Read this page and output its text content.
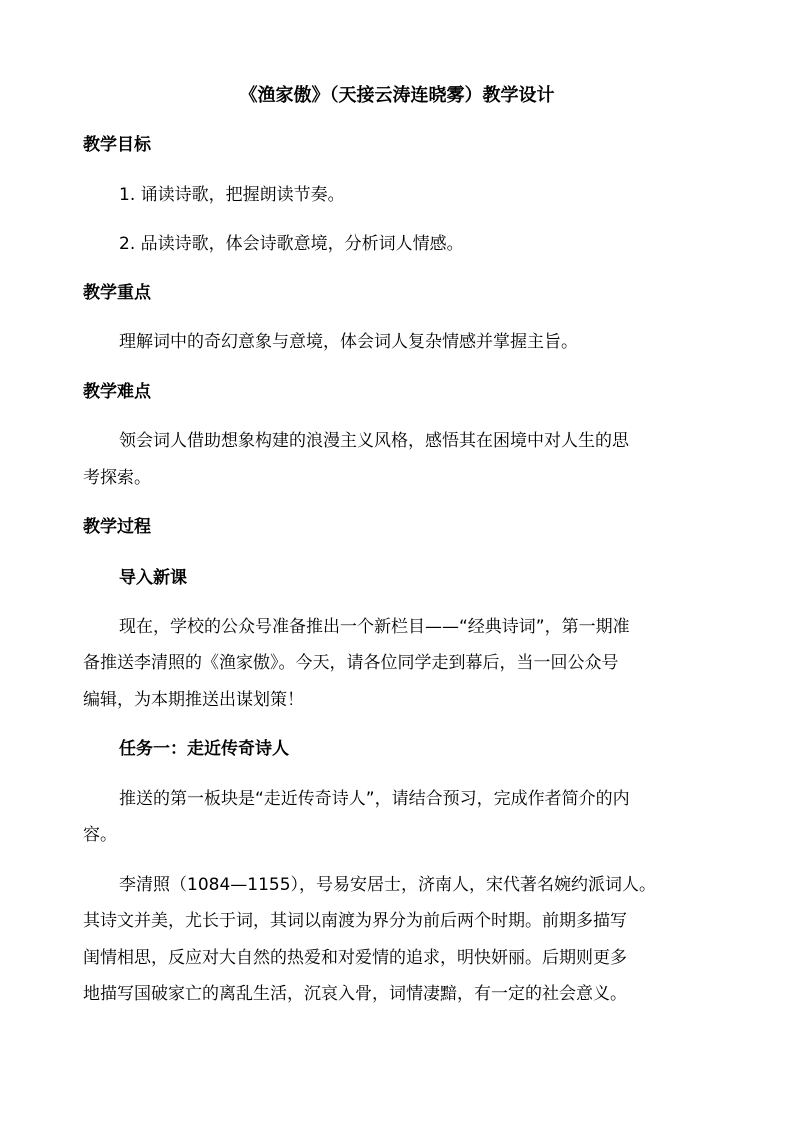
《渔家傲》（天接云涛连晓雾）教学设计
教学目标
1. 诵读诗歌，把握朗读节奏。
2. 品读诗歌，体会诗歌意境，分析词人情感。
教学重点
理解词中的奇幻意象与意境，体会词人复杂情感并掌握主旨。
教学难点
领会词人借助想象构建的浪漫主义风格，感悟其在困境中对人生的思
考探索。
教学过程
导入新课
现在，学校的公众号准备推出一个新栏目——“经典诗词”，第一期准
备推送李清照的《渔家傲》。今天，请各位同学走到幕后，当一回公众号
编辑，为本期推送出谋划策！
任务一：走近传奇诗人
推送的第一板块是“走近传奇诗人”，请结合预习，完成作者简介的内
容。
李清照（1084—1155），号易安居士，济南人，宋代著名婉约派词人。
其诗文并美，尤长于词，其词以南渡为界分为前后两个时期。前期多描写
闺情相思，反应对大自然的热爱和对爱情的追求，明快妍丽。后期则更多
地描写国破家亡的离乱生活，沉哀入骨，词情凄黯，有一定的社会意义。
